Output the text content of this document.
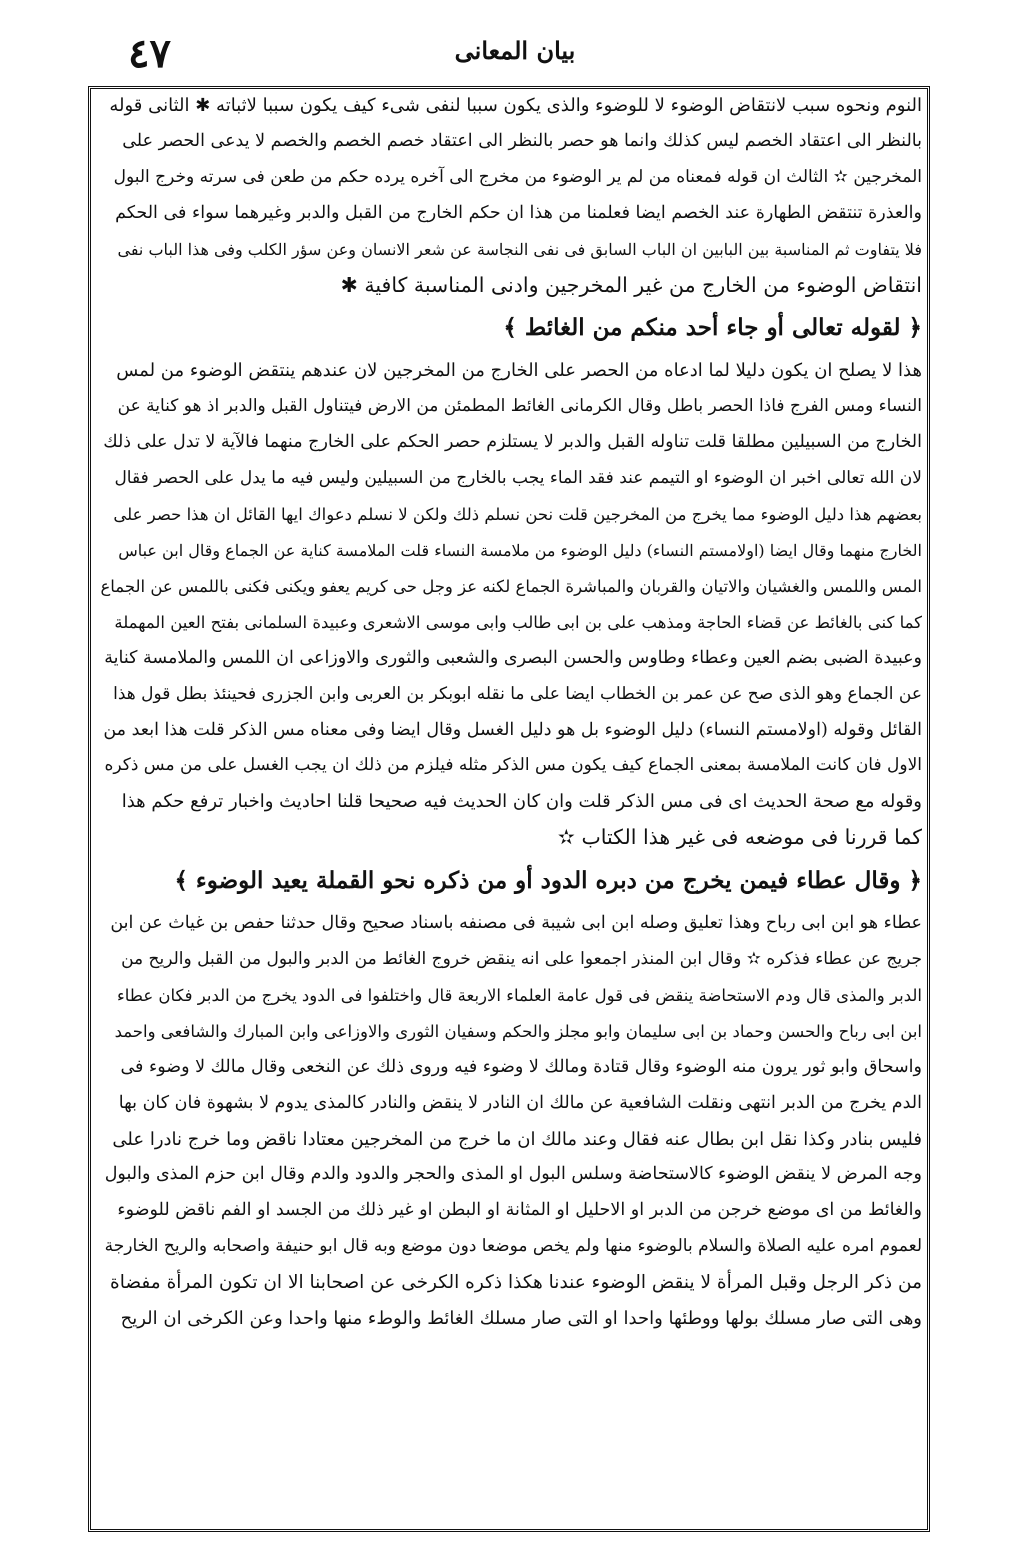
٤٧	بيان المعانى
النوم ونحوه سبب لانتقاض الوضوء لا للوضوء والذى يكون سببا لنفى شىء كيف يكون سببا لاثباته ✱ الثانى قوله
بالنظر الى اعتقاد الخصم ليس كذلك وانما هو حصر بالنظر الى اعتقاد خصم الخصم والخصم لا يدعى الحصر على
المخرجين ✫ الثالث ان قوله فمعناه من لم ير الوضوء من مخرج الى آخره يرده حكم من طعن فى سرته وخرج البول
والعذرة تنتقض الطهارة عند الخصم ايضا فعلمنا من هذا ان حكم الخارج من القبل والدبر وغيرهما سواء فى الحكم
فلا يتفاوت ثم المناسبة بين البابين ان الباب السابق فى نفى النجاسة عن شعر الانسان وعن سؤر الكلب وفى هذا الباب نفى
انتقاض الوضوء من الخارج من غير المخرجين وادنى المناسبة كافية ✱
﴿ لقوله تعالى أو جاء أحد منكم من الغائط ﴾
هذا لا يصلح ان يكون دليلا لما ادعاه من الحصر على الخارج من المخرجين لان عندهم ينتقض الوضوء من لمس
النساء ومس الفرج فاذا الحصر باطل وقال الكرمانى الغائط المطمئن من الارض فيتناول القبل والدبر اذ هو كناية عن
الخارج من السبيلين مطلقا قلت تناوله القبل والدبر لا يستلزم حصر الحكم على الخارج منهما فالآية لا تدل على ذلك
لان الله تعالى اخبر ان الوضوء او التيمم عند فقد الماء يجب بالخارج من السبيلين وليس فيه ما يدل على الحصر فقال
بعضهم هذا دليل الوضوء مما يخرج من المخرجين قلت نحن نسلم ذلك ولكن لا نسلم دعواك ايها القائل ان هذا حصر على
الخارج منهما وقال ايضا (اولامستم النساء) دليل الوضوء من ملامسة النساء قلت الملامسة كناية عن الجماع وقال ابن عباس
المس واللمس والغشيان والاتيان والقربان والمباشرة الجماع لكنه عز وجل حى كريم يعفو ويكنى فكنى باللمس عن الجماع
كما كنى بالغائط عن قضاء الحاجة ومذهب على بن ابى طالب وابى موسى الاشعرى وعبيدة السلمانى بفتح العين المهملة
وعبيدة الضبى بضم العين وعطاء وطاوس والحسن البصرى والشعبى والثورى والاوزاعى ان اللمس والملامسة كناية
عن الجماع وهو الذى صح عن عمر بن الخطاب ايضا على ما نقله ابوبكر بن العربى وابن الجزرى فحينئذ بطل قول هذا
القائل وقوله (اولامستم النساء) دليل الوضوء بل هو دليل الغسل وقال ايضا وفى معناه مس الذكر قلت هذا ابعد من
الاول فان كانت الملامسة بمعنى الجماع كيف يكون مس الذكر مثله فيلزم من ذلك ان يجب الغسل على من مس ذكره
وقوله مع صحة الحديث اى فى مس الذكر قلت وان كان الحديث فيه صحيحا قلنا احاديث واخبار ترفع حكم هذا
كما قررنا فى موضعه فى غير هذا الكتاب ✫
﴿ وقال عطاء فيمن يخرج من دبره الدود أو من ذكره نحو القملة يعيد الوضوء ﴾
عطاء هو ابن ابى رباح وهذا تعليق وصله ابن ابى شيبة فى مصنفه باسناد صحيح وقال حدثنا حفص بن غياث عن ابن
جريج عن عطاء فذكره ✫ وقال ابن المنذر اجمعوا على انه ينقض خروج الغائط من الدبر والبول من القبل والريح من
الدبر والمذى قال ودم الاستحاضة ينقض فى قول عامة العلماء الاربعة قال واختلفوا فى الدود يخرج من الدبر فكان عطاء
ابن ابى رباح والحسن وحماد بن ابى سليمان وابو مجلز والحكم وسفيان الثورى والاوزاعى وابن المبارك والشافعى واحمد
واسحاق وابو ثور يرون منه الوضوء وقال قتادة ومالك لا وضوء فيه وروى ذلك عن النخعى وقال مالك لا وضوء فى
الدم يخرج من الدبر انتهى ونقلت الشافعية عن مالك ان النادر لا ينقض والنادر كالمذى يدوم لا بشهوة فان كان بها
فليس بنادر وكذا نقل ابن بطال عنه فقال وعند مالك ان ما خرج من المخرجين معتادا ناقض وما خرج نادرا على
وجه المرض لا ينقض الوضوء كالاستحاضة وسلس البول او المذى والحجر والدود والدم وقال ابن حزم المذى والبول
والغائط من اى موضع خرجن من الدبر او الاحليل او المثانة او البطن او غير ذلك من الجسد او الفم ناقض للوضوء
لعموم امره عليه الصلاة والسلام بالوضوء منها ولم يخص موضعا دون موضع وبه قال ابو حنيفة واصحابه والريح الخارجة
من ذكر الرجل وقبل المرأة لا ينقض الوضوء عندنا هكذا ذكره الكرخى عن اصحابنا الا ان تكون المرأة مفضاة
وهى التى صار مسلك بولها ووطئها واحدا او التى صار مسلك الغائط والوطء منها واحدا وعن الكرخى ان الريح
